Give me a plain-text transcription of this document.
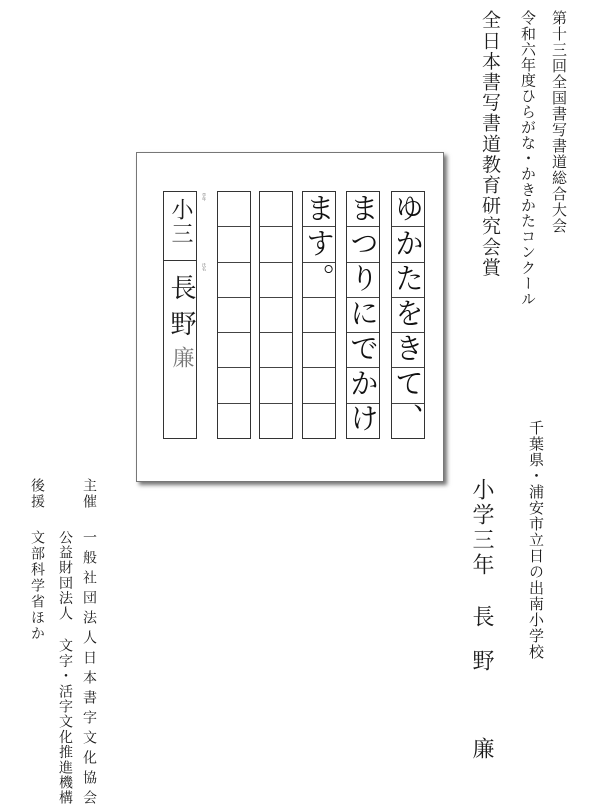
第十三回全国書写書道総合大会
令和六年度ひらがな・かきかたコンクール
全日本書写書道教育研究会賞
ゆかたをきて、
まつりにでかけ
ます。
学年
氏名
小三
長野廉
千葉県・浦安市立日の出南小学校
小学三年
長野　廉
主催
一般社団法人日本書字文化協会
公益財団法人 文字・活字文化推進機構
後援
文部科学省ほか
